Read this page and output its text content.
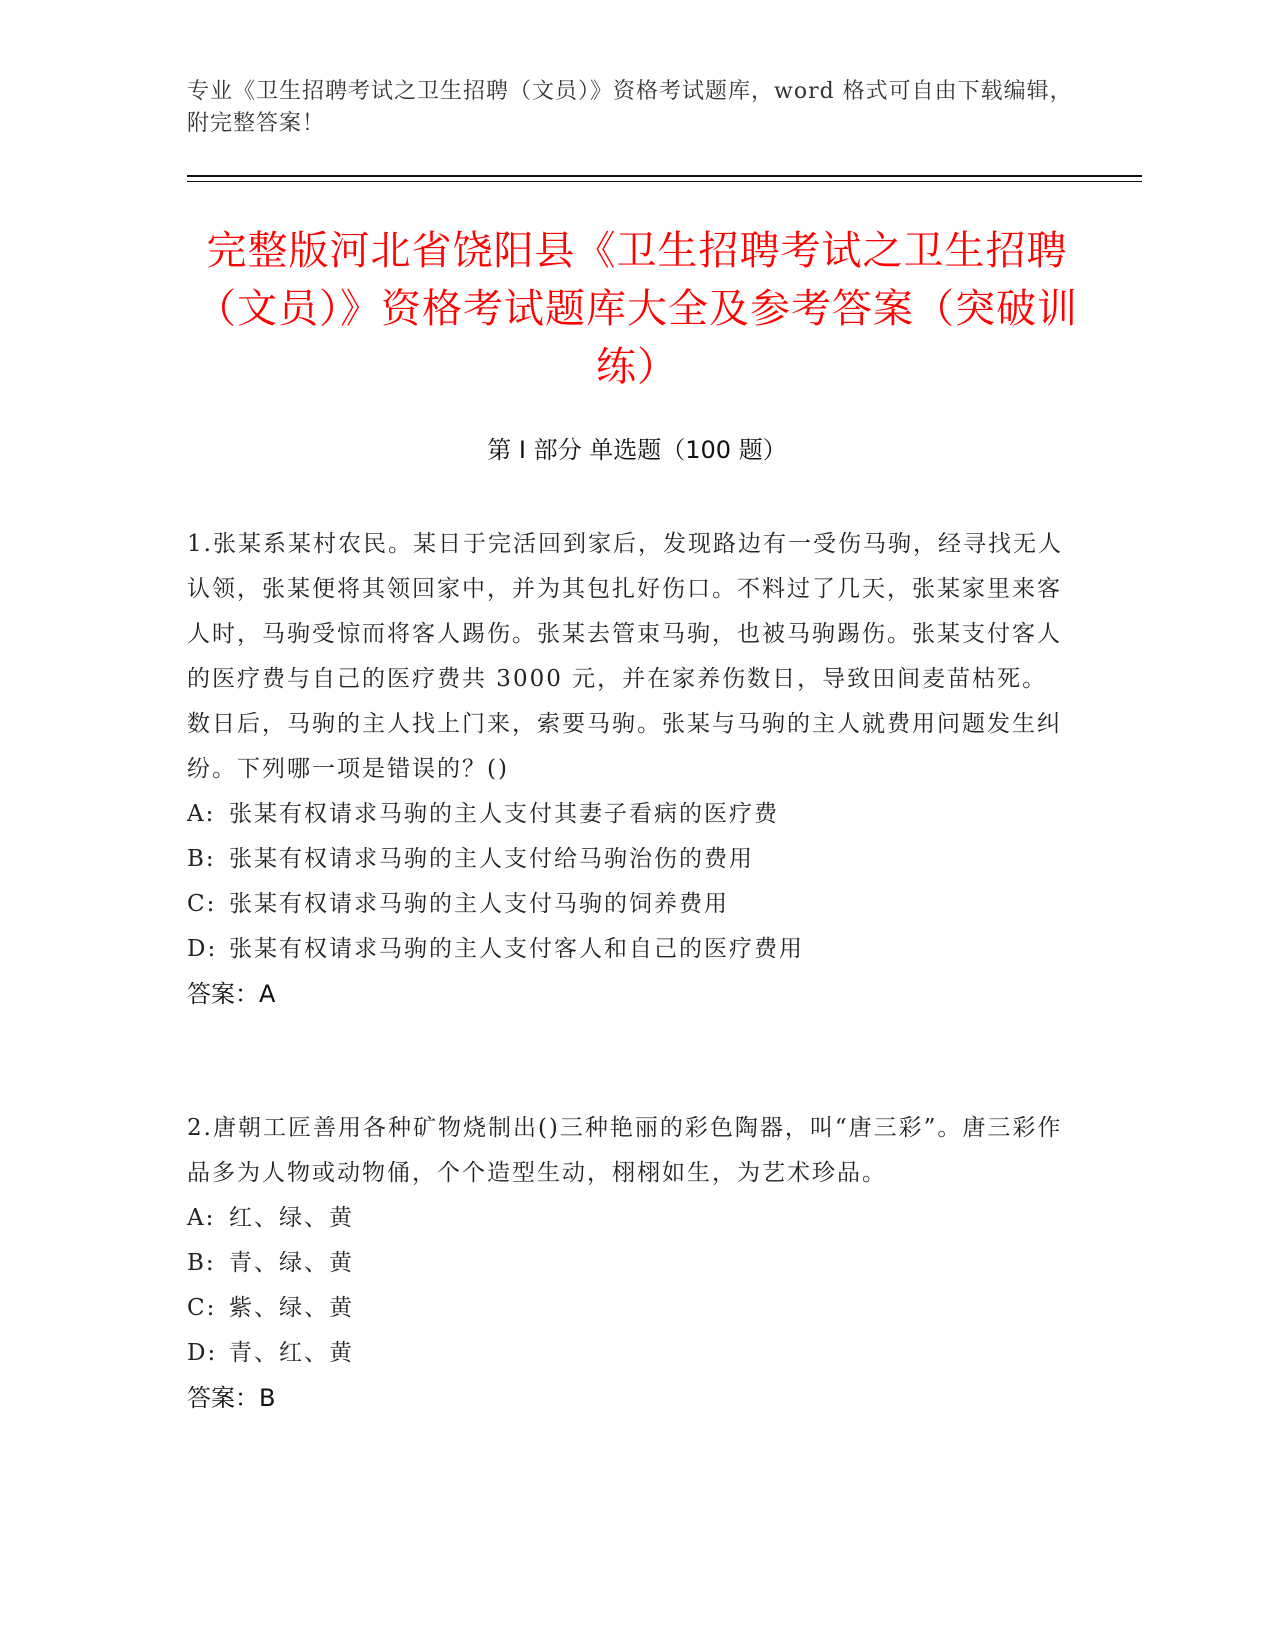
专业《卫生招聘考试之卫生招聘（文员）》资格考试题库，word 格式可自由下载编辑，附完整答案！
完整版河北省饶阳县《卫生招聘考试之卫生招聘（文员）》资格考试题库大全及参考答案（突破训练）
第 I 部分 单选题（100 题）

1.张某系某村农民。某日于完活回到家后，发现路边有一受伤马驹，经寻找无人认领，张某便将其领回家中，并为其包扎好伤口。不料过了几天，张某家里来客人时，马驹受惊而将客人踢伤。张某去管束马驹，也被马驹踢伤。张某支付客人的医疗费与自己的医疗费共 3000 元，并在家养伤数日，导致田间麦苗枯死。数日后，马驹的主人找上门来，索要马驹。张某与马驹的主人就费用问题发生纠纷。下列哪一项是错误的？()

A: 张某有权请求马驹的主人支付其妻子看病的医疗费

B: 张某有权请求马驹的主人支付给马驹治伤的费用

C: 张某有权请求马驹的主人支付马驹的饲养费用

D: 张某有权请求马驹的主人支付客人和自己的医疗费用

答案：A

2.唐朝工匠善用各种矿物烧制出()三种艳丽的彩色陶器，叫“唐三彩”。唐三彩作品多为人物或动物俑，个个造型生动，栩栩如生，为艺术珍品。

A: 红、绿、黄

B: 青、绿、黄

C: 紫、绿、黄

D: 青、红、黄

答案：B
